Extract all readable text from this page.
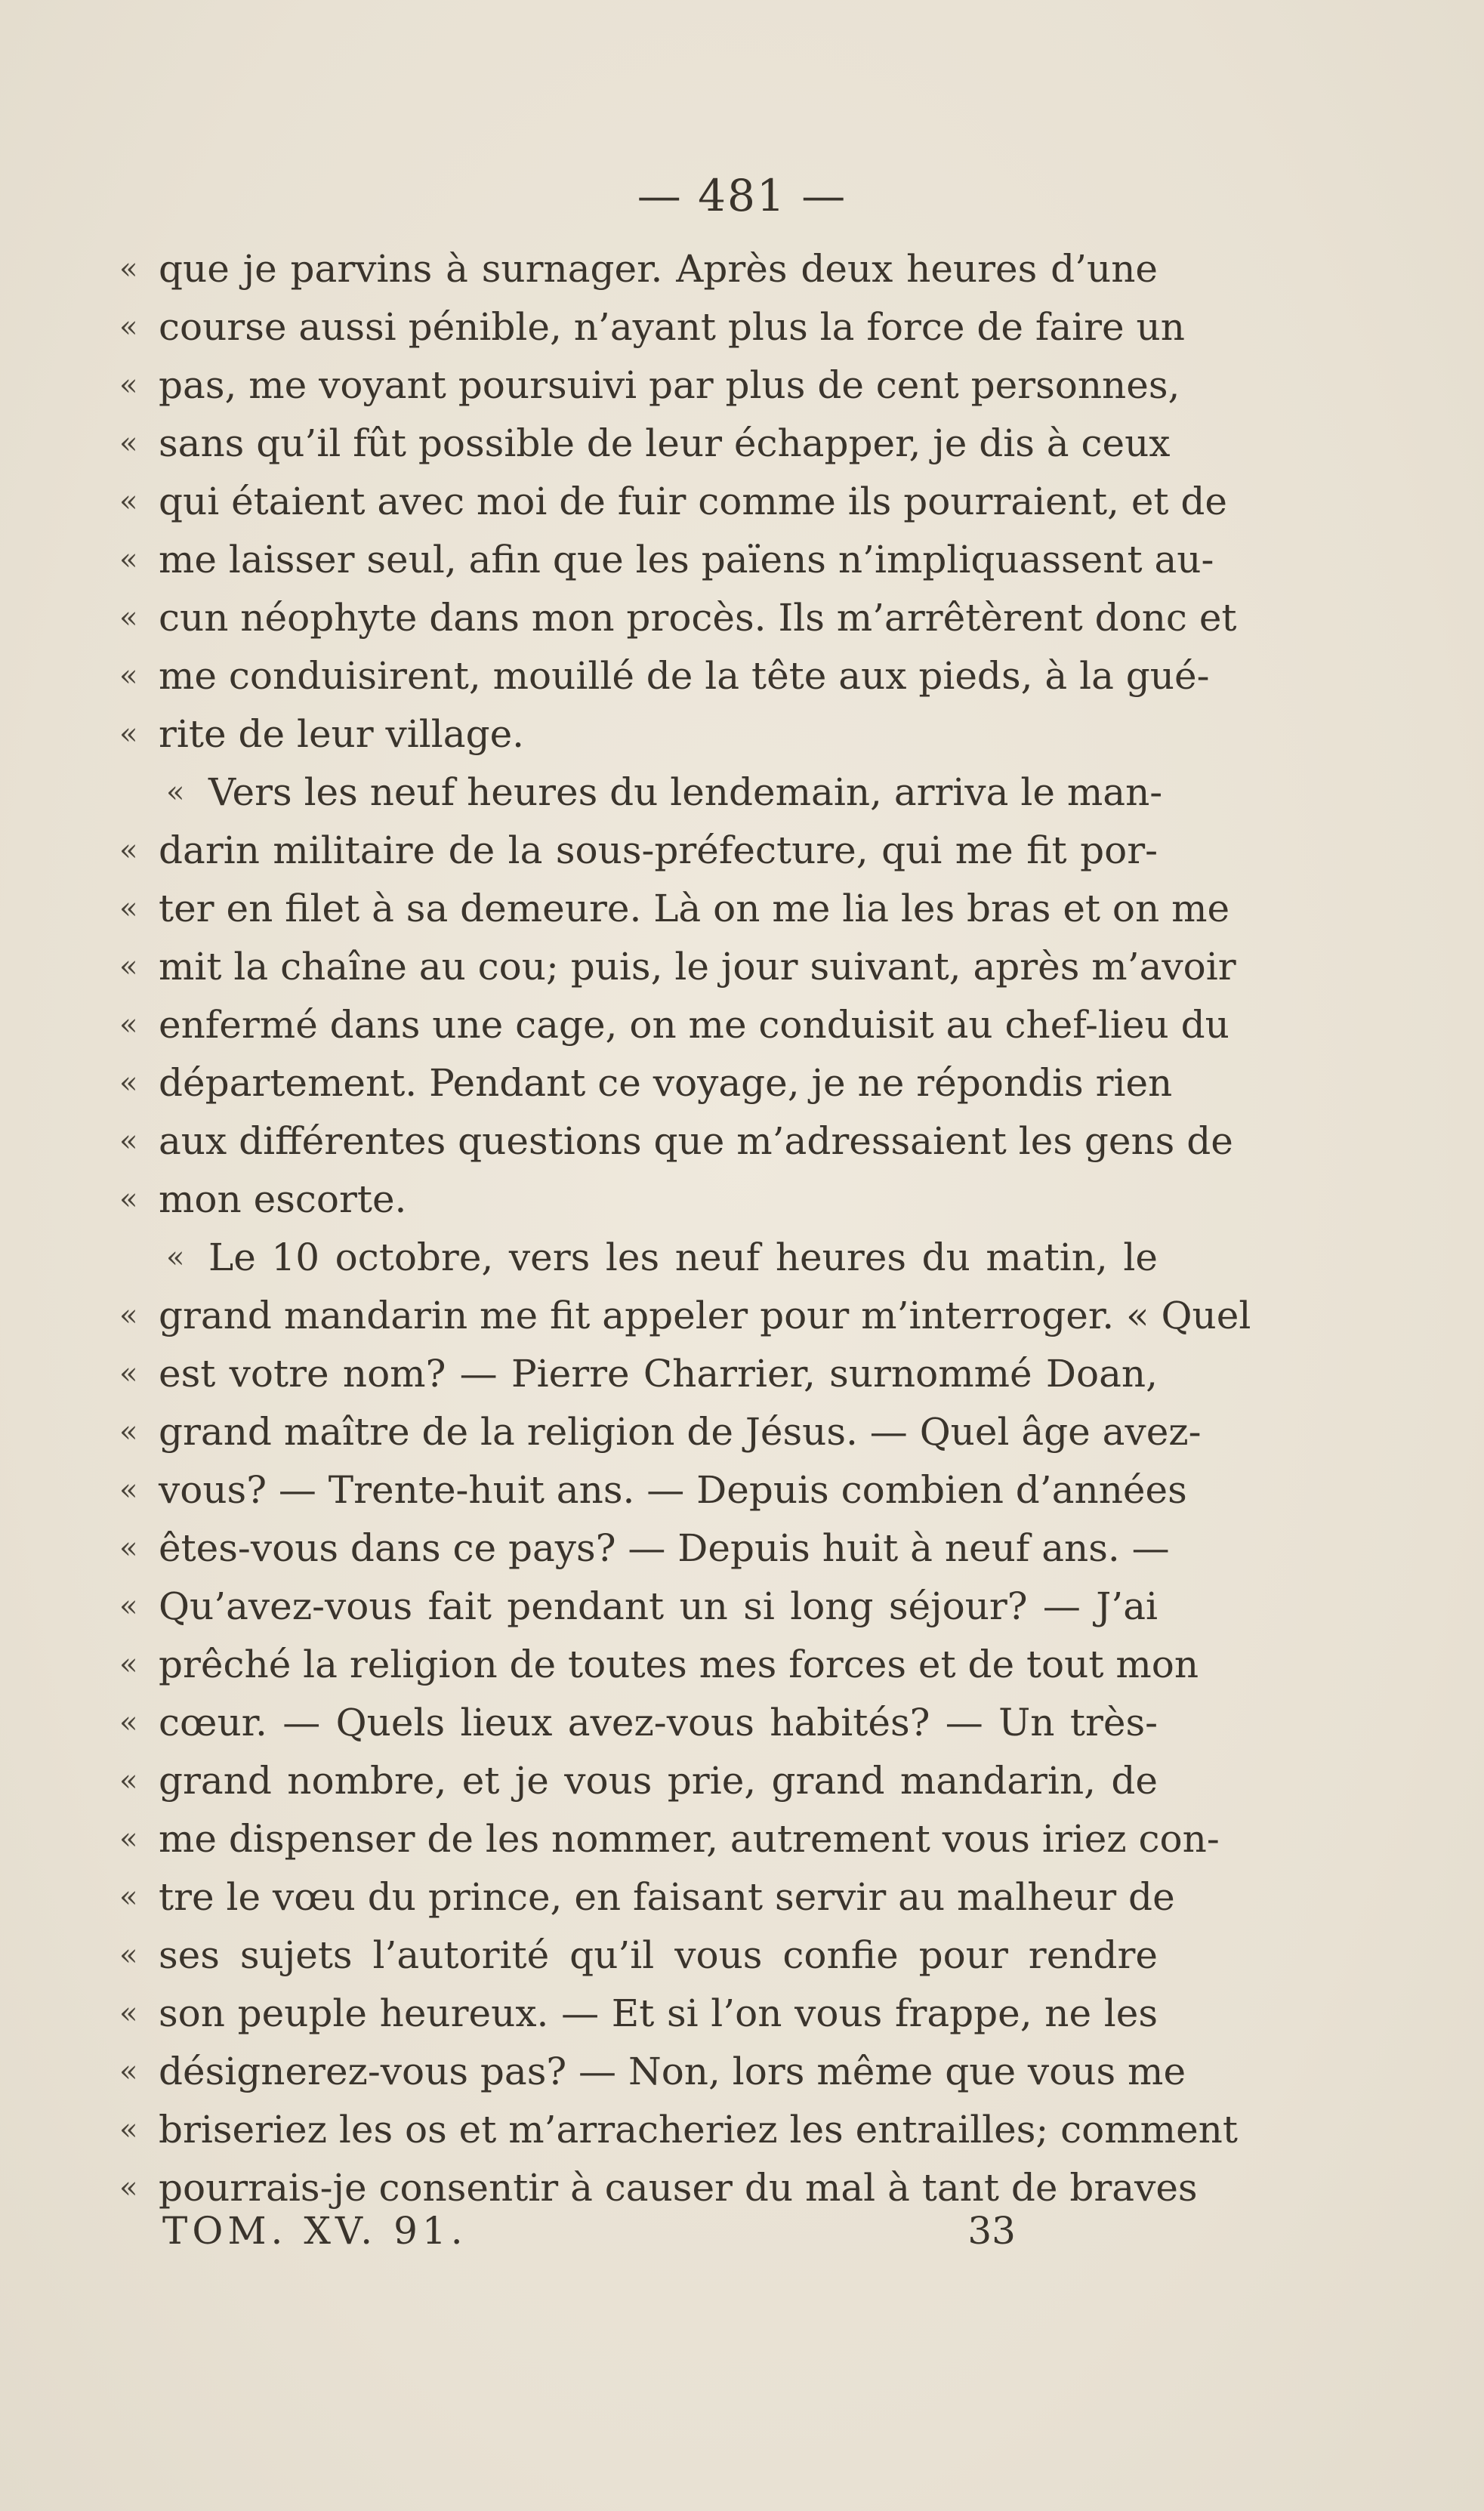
— 481 —
« que je parvins à surnager. Après deux heures d’une
« course aussi pénible, n’ayant plus la force de faire un
« pas, me voyant poursuivi par plus de cent personnes,
« sans qu’il fût possible de leur échapper, je dis à ceux
« qui étaient avec moi de fuir comme ils pourraient, et de
« me laisser seul, afin que les païens n’impliquassent au-
« cun néophyte dans mon procès. Ils m’arrêtèrent donc et
« me conduisirent, mouillé de la tête aux pieds, à la gué-
« rite de leur village.
« Vers les neuf heures du lendemain, arriva le man-
« darin militaire de la sous-préfecture, qui me fit por-
« ter en filet à sa demeure. Là on me lia les bras et on me
« mit la chaîne au cou; puis, le jour suivant, après m’avoir
« enfermé dans une cage, on me conduisit au chef-lieu du
« département. Pendant ce voyage, je ne répondis rien
« aux différentes questions que m’adressaient les gens de
« mon escorte.
« Le 10 octobre, vers les neuf heures du matin, le
« grand mandarin me fit appeler pour m’interroger. « Quel
« est votre nom? — Pierre Charrier, surnommé Doan,
« grand maître de la religion de Jésus. — Quel âge avez-
« vous? — Trente-huit ans. — Depuis combien d’années
« êtes-vous dans ce pays? — Depuis huit à neuf ans. —
« Qu’avez-vous fait pendant un si long séjour? — J’ai
« prêché la religion de toutes mes forces et de tout mon
« cœur. — Quels lieux avez-vous habités? — Un très-
« grand nombre, et je vous prie, grand mandarin, de
« me dispenser de les nommer, autrement vous iriez con-
« tre le vœu du prince, en faisant servir au malheur de
« ses sujets l’autorité qu’il vous confie pour rendre
« son peuple heureux. — Et si l’on vous frappe, ne les
« désignerez-vous pas? — Non, lors même que vous me
« briseriez les os et m’arracheriez les entrailles; comment
« pourrais-je consentir à causer du mal à tant de braves
TOM. XV. 91.	33
